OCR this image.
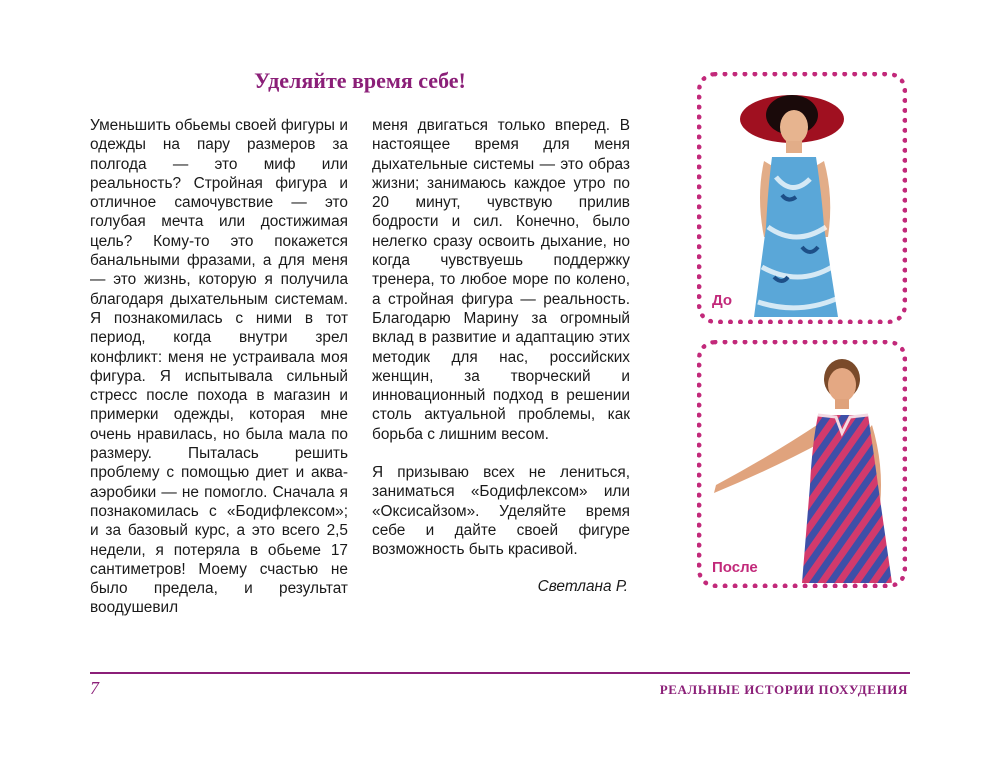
Уделяйте время себе!

Уменьшить обьемы своей фигуры и одежды на пару размеров за полгода — это миф или реальность? Стройная фигура и отличное самочувствие — это голубая мечта или достижимая цель? Кому-то это покажется банальными фразами, а для меня — это жизнь, которую я получила благодаря дыхательным системам. Я познакомилась с ними в тот период, когда внутри зрел конфликт: меня не устраивала моя фигура. Я испытывала сильный стресс после похода в магазин и примерки одежды, которая мне очень нравилась, но была мала по размеру. Пыталась решить проблему с помощью диет и аква-аэробики — не помогло. Сначала я познакомилась с «Бодифлексом»; и за базовый курс, а это всего 2,5 недели, я потеряла в обьеме 17 сантиметров! Моему счастью не было предела, и результат воодушевил

меня двигаться только вперед. В настоящее время для меня дыхательные системы — это образ жизни; занимаюсь каждое утро по 20 минут, чувствую прилив бодрости и сил. Конечно, было нелегко сразу освоить дыхание, но когда чувствуешь поддержку тренера, то любое море по колено, а стройная фигура — реальность. Благодарю Марину за огромный вклад в развитие и адаптацию этих методик для нас, российских женщин, за творческий и инновационный подход в решении столь актуальной проблемы, как борьба с лишним весом.

Я призываю всех не лениться, заниматься «Бодифлексом» или «Оксисайзом». Уделяйте время себе и дайте своей фигуре возможность быть красивой.

Светлана Р.
До
После
7	РЕАЛЬНЫЕ ИСТОРИИ ПОХУДЕНИЯ
